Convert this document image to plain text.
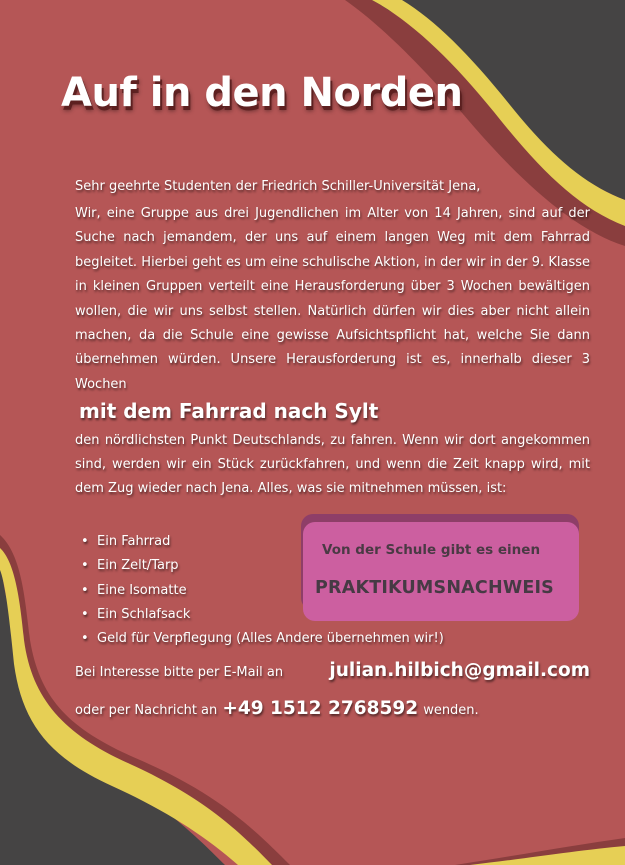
Auf in den Norden

Sehr geehrte Studenten der Friedrich Schiller-Universität Jena,

Wir, eine Gruppe aus drei Jugendlichen im Alter von 14 Jahren, sind auf der Suche nach jemandem, der uns auf einem langen Weg mit dem Fahrrad begleitet. Hierbei geht es um eine schulische Aktion, in der wir in der 9. Klasse in kleinen Gruppen verteilt eine Herausforderung über 3 Wochen bewältigen wollen, die wir uns selbst stellen. Natürlich dürfen wir dies aber nicht allein machen, da die Schule eine gewisse Aufsichtspflicht hat, welche Sie dann übernehmen würden. Unsere Herausforderung ist es, innerhalb dieser 3 Wochen

mit dem Fahrrad nach Sylt

den nördlichsten Punkt Deutschlands, zu fahren. Wenn wir dort angekommen sind, werden wir ein Stück zurückfahren, und wenn die Zeit knapp wird, mit dem Zug wieder nach Jena. Alles, was sie mitnehmen müssen, ist:

• Ein Fahrrad
• Ein Zelt/Tarp
• Eine Isomatte
• Ein Schlafsack
• Geld für Verpflegung (Alles Andere übernehmen wir!)

Von der Schule gibt es einen

PRAKTIKUMSNACHWEIS

Bei Interesse bitte per E-Mail an julian.hilbich@gmail.com

oder per Nachricht an +49 1512 2768592 wenden.
